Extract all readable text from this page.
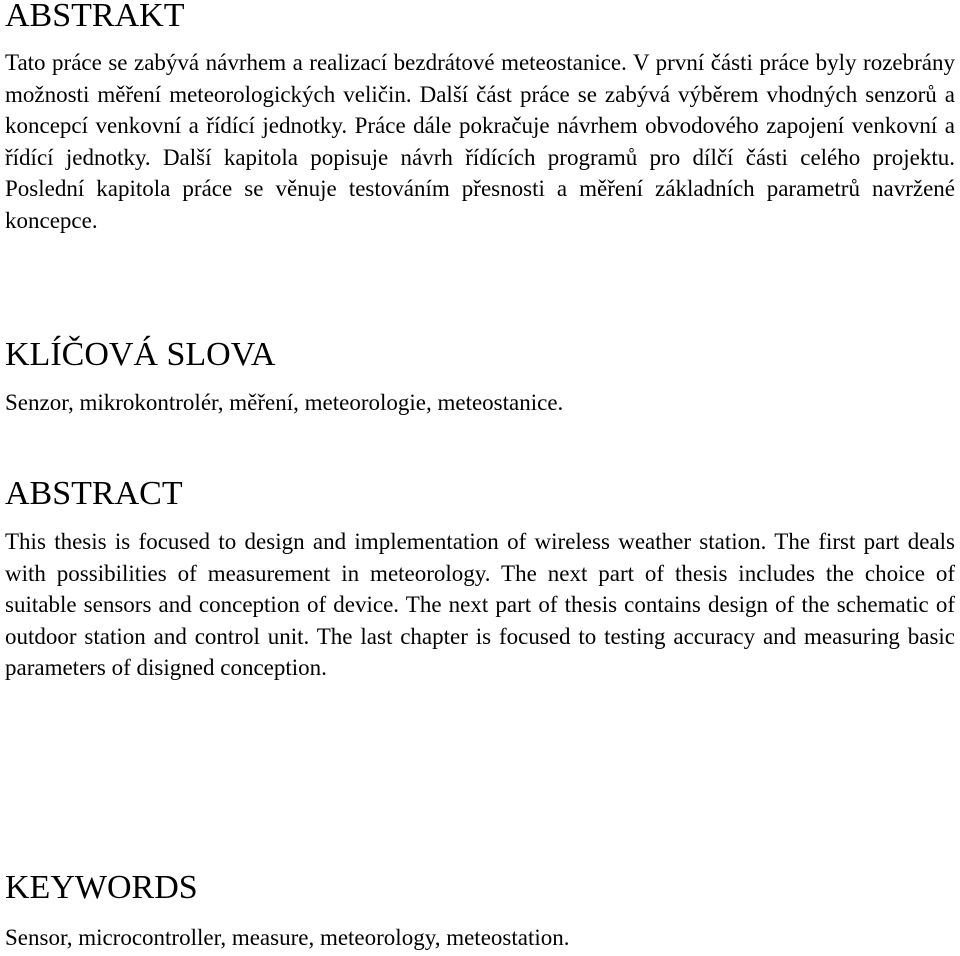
ABSTRAKT

Tato práce se zabývá návrhem a realizací bezdrátové meteostanice. V první části práce byly rozebrány možnosti měření meteorologických veličin. Další část práce se zabývá výběrem vhodných senzorů a koncepcí venkovní a řídící jednotky. Práce dále pokračuje návrhem obvodového zapojení venkovní a řídící jednotky. Další kapitola popisuje návrh řídících programů pro dílčí části celého projektu. Poslední kapitola práce se věnuje testováním přesnosti a měření základních parametrů navržené koncepce.

KLÍČOVÁ SLOVA

Senzor, mikrokontrolér, měření, meteorologie, meteostanice.

ABSTRACT

This thesis is focused to design and implementation of wireless weather station. The first part deals with possibilities of measurement in meteorology. The next part of thesis includes the choice of suitable sensors and conception of device. The next part of thesis contains design of the schematic of outdoor station and control unit. The last chapter is focused to testing accuracy and measuring basic parameters of disigned conception.

KEYWORDS

Sensor, microcontroller, measure, meteorology, meteostation.
